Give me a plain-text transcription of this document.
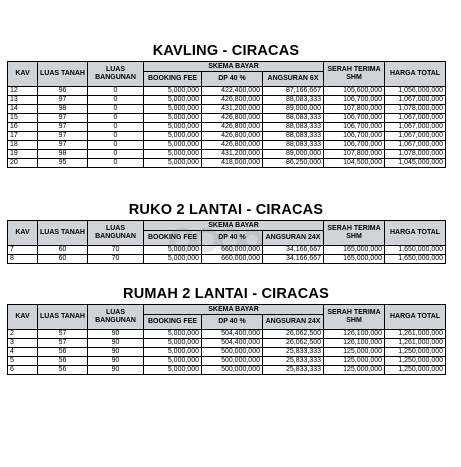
KAVLING - CIRACAS
KAV	LUAS TANAH	LUAS BANGUNAN	SKEMA BAYAR			SERAH TERIMA SHM	HARGA TOTAL
			BOOKING FEE	DP 40 %	ANGSURAN 6X		
12	96	0	5,000,000	422,400,000	87,166,667	105,600,000	1,056,000,000
13	97	0	5,000,000	426,800,000	88,083,333	106,700,000	1,067,000,000
14	98	0	5,000,000	431,200,000	89,000,000	107,800,000	1,078,000,000
15	97	0	5,000,000	426,800,000	88,083,333	106,700,000	1,067,000,000
16	97	0	5,000,000	426,800,000	88,083,333	106,700,000	1,067,000,000
17	97	0	5,000,000	426,800,000	88,083,333	106,700,000	1,067,000,000
18	97	0	5,000,000	426,800,000	88,083,333	106,700,000	1,067,000,000
19	98	0	5,000,000	431,200,000	89,000,000	107,800,000	1,078,000,000
20	95	0	5,000,000	418,000,000	86,250,000	104,500,000	1,045,000,000
RUKO 2 LANTAI - CIRACAS
KAV	LUAS TANAH	LUAS BANGUNAN	SKEMA BAYAR			SERAH TERIMA SHM	HARGA TOTAL
			BOOKING FEE	DP 40 %	ANGSURAN 24X		
7	60	70	5,000,000	660,000,000	34,166,667	165,000,000	1,650,000,000
8	60	70	5,000,000	660,000,000	34,166,667	165,000,000	1,650,000,000
RUMAH 2 LANTAI - CIRACAS
KAV	LUAS TANAH	LUAS BANGUNAN	SKEMA BAYAR			SERAH TERIMA SHM	HARGA TOTAL
			BOOKING FEE	DP 40 %	ANGSURAN 24X		
2	57	90	5,000,000	504,400,000	26,062,500	126,100,000	1,261,000,000
3	57	90	5,000,000	504,400,000	26,062,500	126,100,000	1,261,000,000
4	56	90	5,000,000	500,000,000	25,833,333	125,000,000	1,250,000,000
5	56	90	5,000,000	500,000,000	25,833,333	125,000,000	1,250,000,000
6	56	90	5,000,000	500,000,000	25,833,333	125,000,000	1,250,000,000
